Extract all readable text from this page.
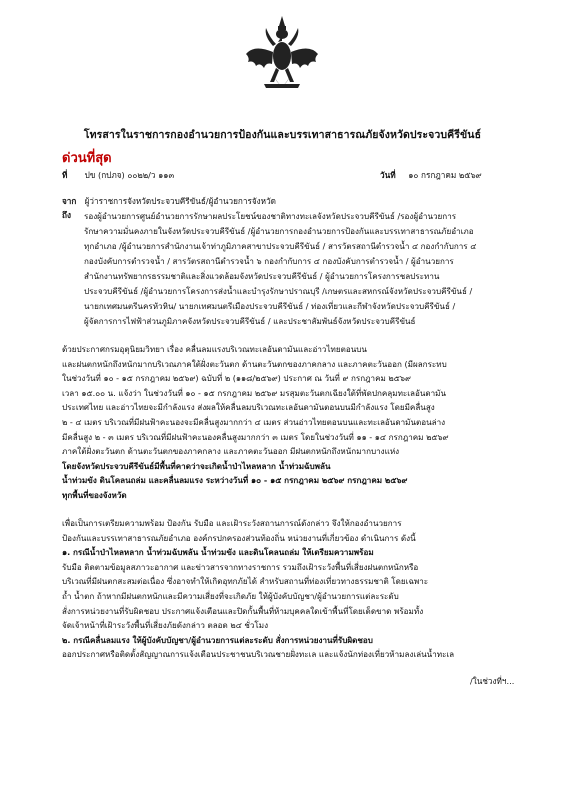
โทรสารในราชการกองอำนวยการป้องกันและบรรเทาสาธารณภัยจังหวัดประจวบคีรีขันธ์
ด่วนที่สุด
ที่ ปข (กปภจ) ๐๐๒๒/ว ๑๑๓	วันที่ ๑๐ กรกฎาคม ๒๕๖๙
จาก ผู้ว่าราชการจังหวัดประจวบคีรีขันธ์/ผู้อำนวยการจังหวัด
ถึง	รองผู้อำนวยการศูนย์อำนวยการรักษาผลประโยชน์ของชาติทางทะเลจังหวัดประจวบคีรีขันธ์ /รองผู้อำนวยการ
รักษาความมั่นคงภายในจังหวัดประจวบคีรีขันธ์ /ผู้อำนวยการกองอำนวยการป้องกันและบรรเทาสาธารณภัยอำเภอ
ทุกอำเภอ /ผู้อำนวยการสำนักงานเจ้าท่าภูมิภาคสาขาประจวบคีรีขันธ์ / สารวัตรสถานีตำรวจน้ำ ๔ กองกำกับการ ๔
กองบังคับการตำรวจน้ำ / สารวัตรสถานีตำรวจน้ำ ๖ กองกำกับการ ๔ กองบังคับการตำรวจน้ำ / ผู้อำนวยการ
สำนักงานทรัพยากรธรรมชาติและสิ่งแวดล้อมจังหวัดประจวบคีรีขันธ์ / ผู้อำนวยการโครงการชลประทาน
ประจวบคีรีขันธ์ /ผู้อำนวยการโครงการส่งน้ำและบำรุงรักษาปราณบุรี /เกษตรและสหกรณ์จังหวัดประจวบคีรีขันธ์ /
นายกเทศมนตรีนครหัวหิน/ นายกเทศมนตรีเมืองประจวบคีรีขันธ์ / ท่องเที่ยวและกีฬาจังหวัดประจวบคีรีขันธ์ /
ผู้จัดการการไฟฟ้าส่วนภูมิภาคจังหวัดประจวบคีรีขันธ์ / และประชาสัมพันธ์จังหวัดประจวบคีรีขันธ์
ด้วยประกาศกรมอุตุนิยมวิทยา เรื่อง คลื่นลมแรงบริเวณทะเลอันดามันและอ่าวไทยตอนบน
และฝนตกหนักถึงหนักมากบริเวณภาคใต้ฝั่งตะวันตก ด้านตะวันตกของภาคกลาง และภาคตะวันออก (มีผลกระทบ
ในช่วงวันที่ ๑๐ - ๑๕ กรกฎาคม ๒๕๖๙) ฉบับที่ ๒ (๑๑๘/๒๕๖๙) ประกาศ ณ วันที่ ๙ กรกฎาคม ๒๕๖๙
เวลา ๑๕.๐๐ น. แจ้งว่า ในช่วงวันที่ ๑๐ - ๑๕ กรกฎาคม ๒๕๖๙ มรสุมตะวันตกเฉียงใต้ที่พัดปกคลุมทะเลอันดามัน
ประเทศไทย และอ่าวไทยจะมีกำลังแรง ส่งผลให้คลื่นลมบริเวณทะเลอันดามันตอนบนมีกำลังแรง โดยมีคลื่นสูง
๒ - ๔ เมตร บริเวณที่มีฝนฟ้าคะนองจะมีคลื่นสูงมากกว่า ๔ เมตร ส่วนอ่าวไทยตอนบนและทะเลอันดามันตอนล่าง
มีคลื่นสูง ๒ - ๓ เมตร บริเวณที่มีฝนฟ้าคะนองคลื่นสูงมากกว่า ๓ เมตร โดยในช่วงวันที่ ๑๑ - ๑๔ กรกฎาคม ๒๕๖๙
ภาคใต้ฝั่งตะวันตก ด้านตะวันตกของภาคกลาง และภาคตะวันออก มีฝนตกหนักถึงหนักมากบางแห่ง
โดยจังหวัดประจวบคีรีขันธ์มีพื้นที่คาดว่าจะเกิดน้ำป่าไหลหลาก น้ำท่วมฉับพลัน
น้ำท่วมขัง ดินโคลนถล่ม และคลื่นลมแรง ระหว่างวันที่ ๑๐ - ๑๕ กรกฎาคม ๒๕๖๙ กรกฎาคม ๒๕๖๙
ทุกพื้นที่ของจังหวัด
เพื่อเป็นการเตรียมความพร้อม ป้องกัน รับมือ และเฝ้าระวังสถานการณ์ดังกล่าว จึงให้กองอำนวยการ
ป้องกันและบรรเทาสาธารณภัยอำเภอ องค์กรปกครองส่วนท้องถิ่น หน่วยงานที่เกี่ยวข้อง ดำเนินการ ดังนี้
๑. กรณีน้ำป่าไหลหลาก น้ำท่วมฉับพลัน น้ำท่วมขัง และดินโคลนถล่ม ให้เตรียมความพร้อม
รับมือ ติดตามข้อมูลสภาวะอากาศ และข่าวสารจากทางราชการ รวมถึงเฝ้าระวังพื้นที่เสี่ยงฝนตกหนักหรือ
บริเวณที่มีฝนตกสะสมต่อเนื่อง ซึ่งอาจทำให้เกิดอุทกภัยได้ สำหรับสถานที่ท่องเที่ยวทางธรรมชาติ โดยเฉพาะ
ถ้ำ น้ำตก ถ้าหากมีฝนตกหนักและมีความเสี่ยงที่จะเกิดภัย ให้ผู้บังคับบัญชา/ผู้อำนวยการแต่ละระดับ
สั่งการหน่วยงานที่รับผิดชอบ ประกาศแจ้งเตือนและปิดกั้นพื้นที่ห้ามบุคคลใดเข้าพื้นที่โดยเด็ดขาด พร้อมทั้ง
จัดเจ้าหน้าที่เฝ้าระวังพื้นที่เสี่ยงภัยดังกล่าว ตลอด ๒๔ ชั่วโมง
๒. กรณีคลื่นลมแรง ให้ผู้บังคับบัญชา/ผู้อำนวยการแต่ละระดับ สั่งการหน่วยงานที่รับผิดชอบ
ออกประกาศหรือติดตั้งสัญญาณการแจ้งเตือนประชาชนบริเวณชายฝั่งทะเล และแจ้งนักท่องเที่ยวห้ามลงเล่นน้ำทะเล
/ในช่วงที่ฯ...
